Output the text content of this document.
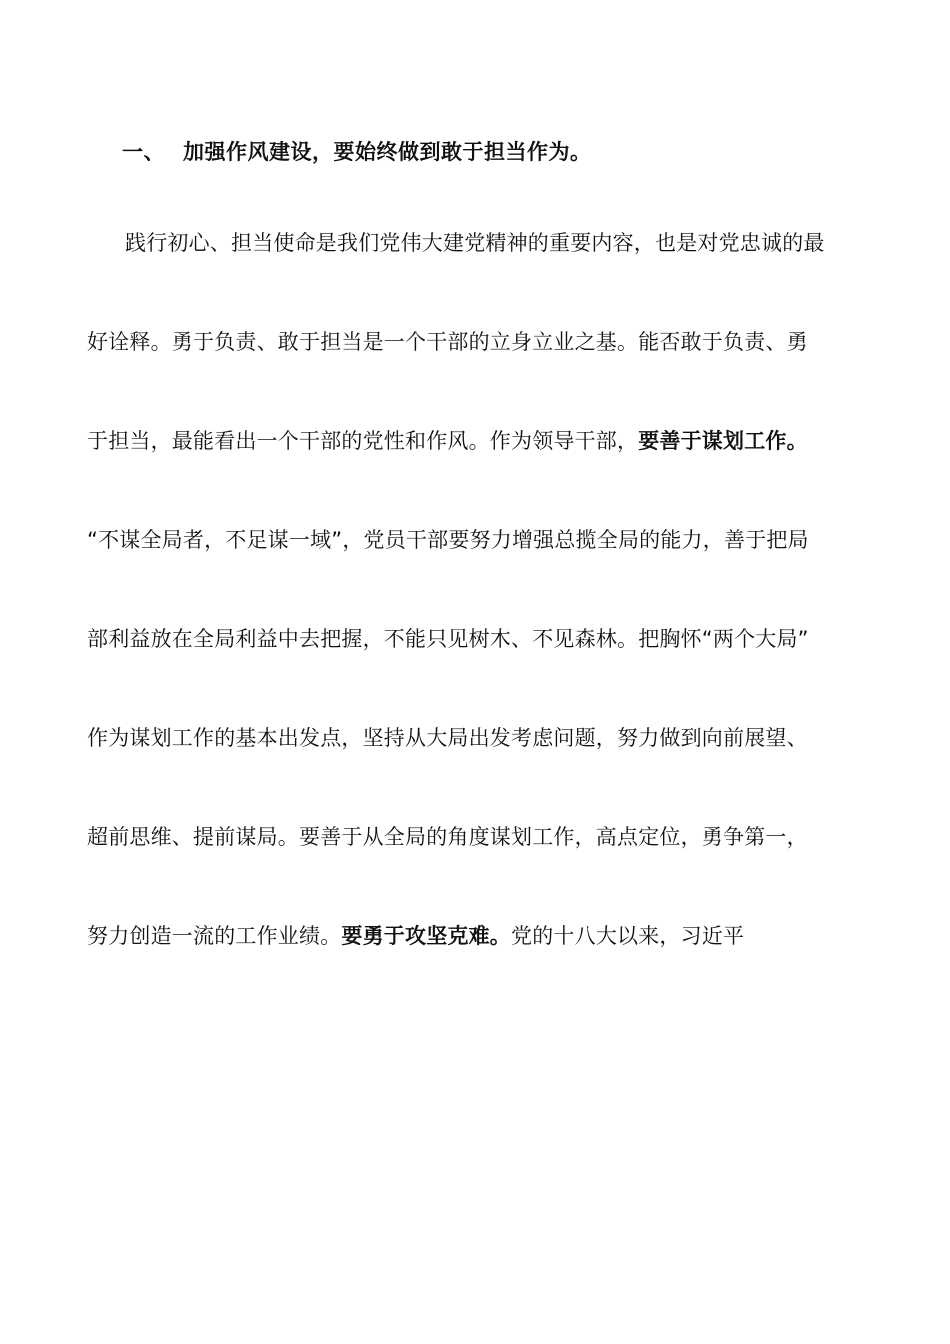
一、 加强作风建设，要始终做到敢于担当作为。
践行初心、担当使命是我们党伟大建党精神的重要内容，也是对党忠诚的最
好诠释。勇于负责、敢于担当是一个干部的立身立业之基。能否敢于负责、勇
于担当，最能看出一个干部的党性和作风。作为领导干部，要善于谋划工作。
“不谋全局者，不足谋一域”，党员干部要努力增强总揽全局的能力，善于把局
部利益放在全局利益中去把握，不能只见树木、不见森林。把胸怀“两个大局”
作为谋划工作的基本出发点，坚持从大局出发考虑问题，努力做到向前展望、
超前思维、提前谋局。要善于从全局的角度谋划工作，高点定位，勇争第一，
努力创造一流的工作业绩。要勇于攻坚克难。党的十八大以来，习近平
